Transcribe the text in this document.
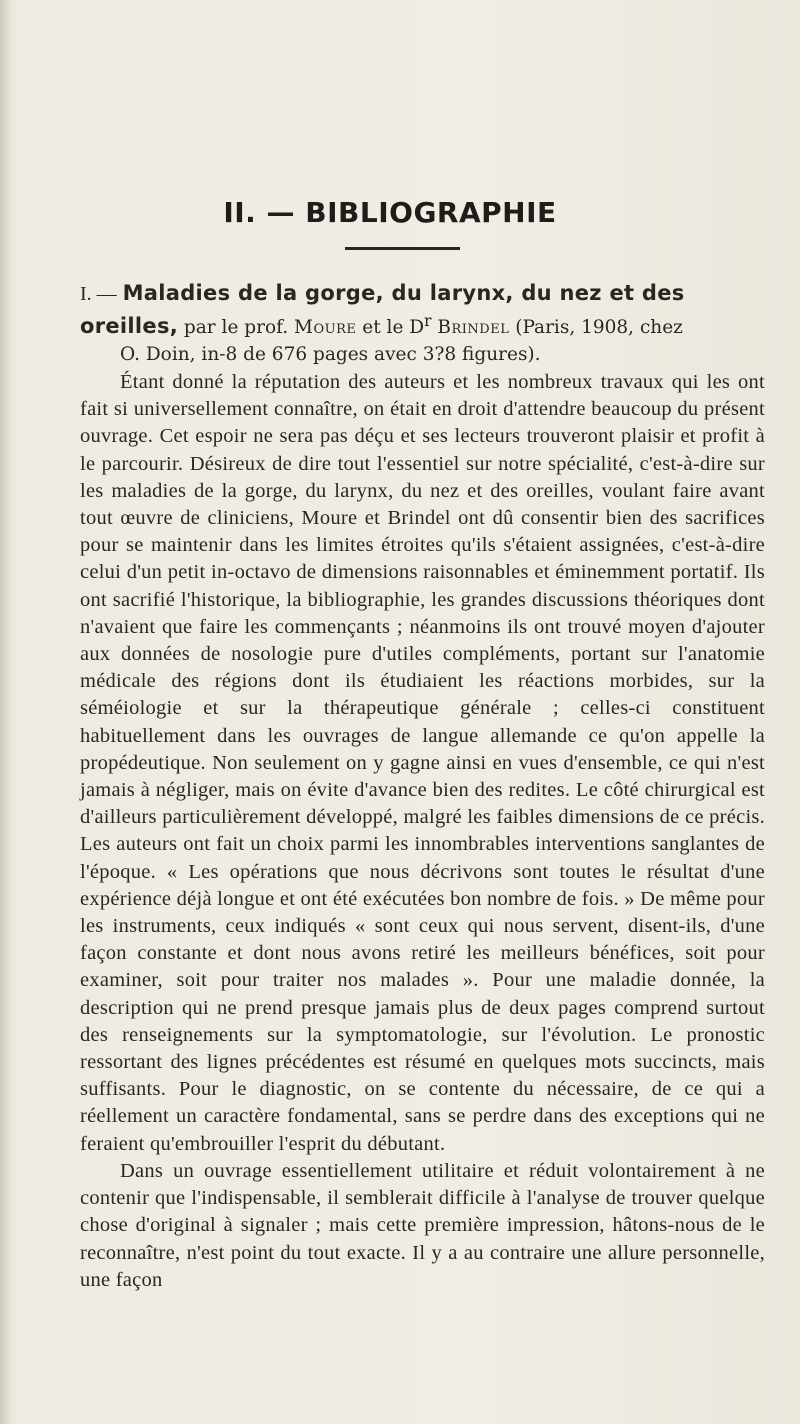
II. — BIBLIOGRAPHIE
I. — Maladies de la gorge, du larynx, du nez et des oreilles, par le prof. Moure et le $D^r$ Brindel (Paris, 1908, chez
O. Doin, in-8 de 676 pages avec 3?8 figures).

Étant donné la réputation des auteurs et les nombreux travaux qui les ont fait si universellement connaître, on était en droit d'attendre beaucoup du présent ouvrage. Cet espoir ne sera pas déçu et ses lecteurs trouveront plaisir et profit à le parcourir. Désireux de dire tout l'essentiel sur notre spécialité, c'est-à-dire sur les maladies de la gorge, du larynx, du nez et des oreilles, voulant faire avant tout œuvre de cliniciens, Moure et Brindel ont dû consentir bien des sacrifices pour se maintenir dans les limites étroites qu'ils s'étaient assignées, c'est-à-dire celui d'un petit in-octavo de dimensions raisonnables et éminemment portatif. Ils ont sacrifié l'historique, la bibliographie, les grandes discussions théoriques dont n'avaient que faire les commençants ; néanmoins ils ont trouvé moyen d'ajouter aux données de nosologie pure d'utiles compléments, portant sur l'anatomie médicale des régions dont ils étudiaient les réactions morbides, sur la séméiologie et sur la thérapeutique générale ; celles-ci constituent habituellement dans les ouvrages de langue allemande ce qu'on appelle la propédeutique. Non seulement on y gagne ainsi en vues d'ensemble, ce qui n'est jamais à négliger, mais on évite d'avance bien des redites. Le côté chirurgical est d'ailleurs particulièrement développé, malgré les faibles dimensions de ce précis. Les auteurs ont fait un choix parmi les innombrables interventions sanglantes de l'époque. « Les opérations que nous décrivons sont toutes le résultat d'une expérience déjà longue et ont été exécutées bon nombre de fois. » De même pour les instruments, ceux indiqués « sont ceux qui nous servent, disent-ils, d'une façon constante et dont nous avons retiré les meilleurs bénéfices, soit pour examiner, soit pour traiter nos malades ». Pour une maladie donnée, la description qui ne prend presque jamais plus de deux pages comprend surtout des renseignements sur la symptomatologie, sur l'évolution. Le pronostic ressortant des lignes précédentes est résumé en quelques mots succincts, mais suffisants. Pour le diagnostic, on se contente du nécessaire, de ce qui a réellement un caractère fondamental, sans se perdre dans des exceptions qui ne feraient qu'embrouiller l'esprit du débutant.

Dans un ouvrage essentiellement utilitaire et réduit volontairement à ne contenir que l'indispensable, il semblerait difficile à l'analyse de trouver quelque chose d'original à signaler ; mais cette première impression, hâtons-nous de le reconnaître, n'est point du tout exacte. Il y a au contraire une allure personnelle, une façon
